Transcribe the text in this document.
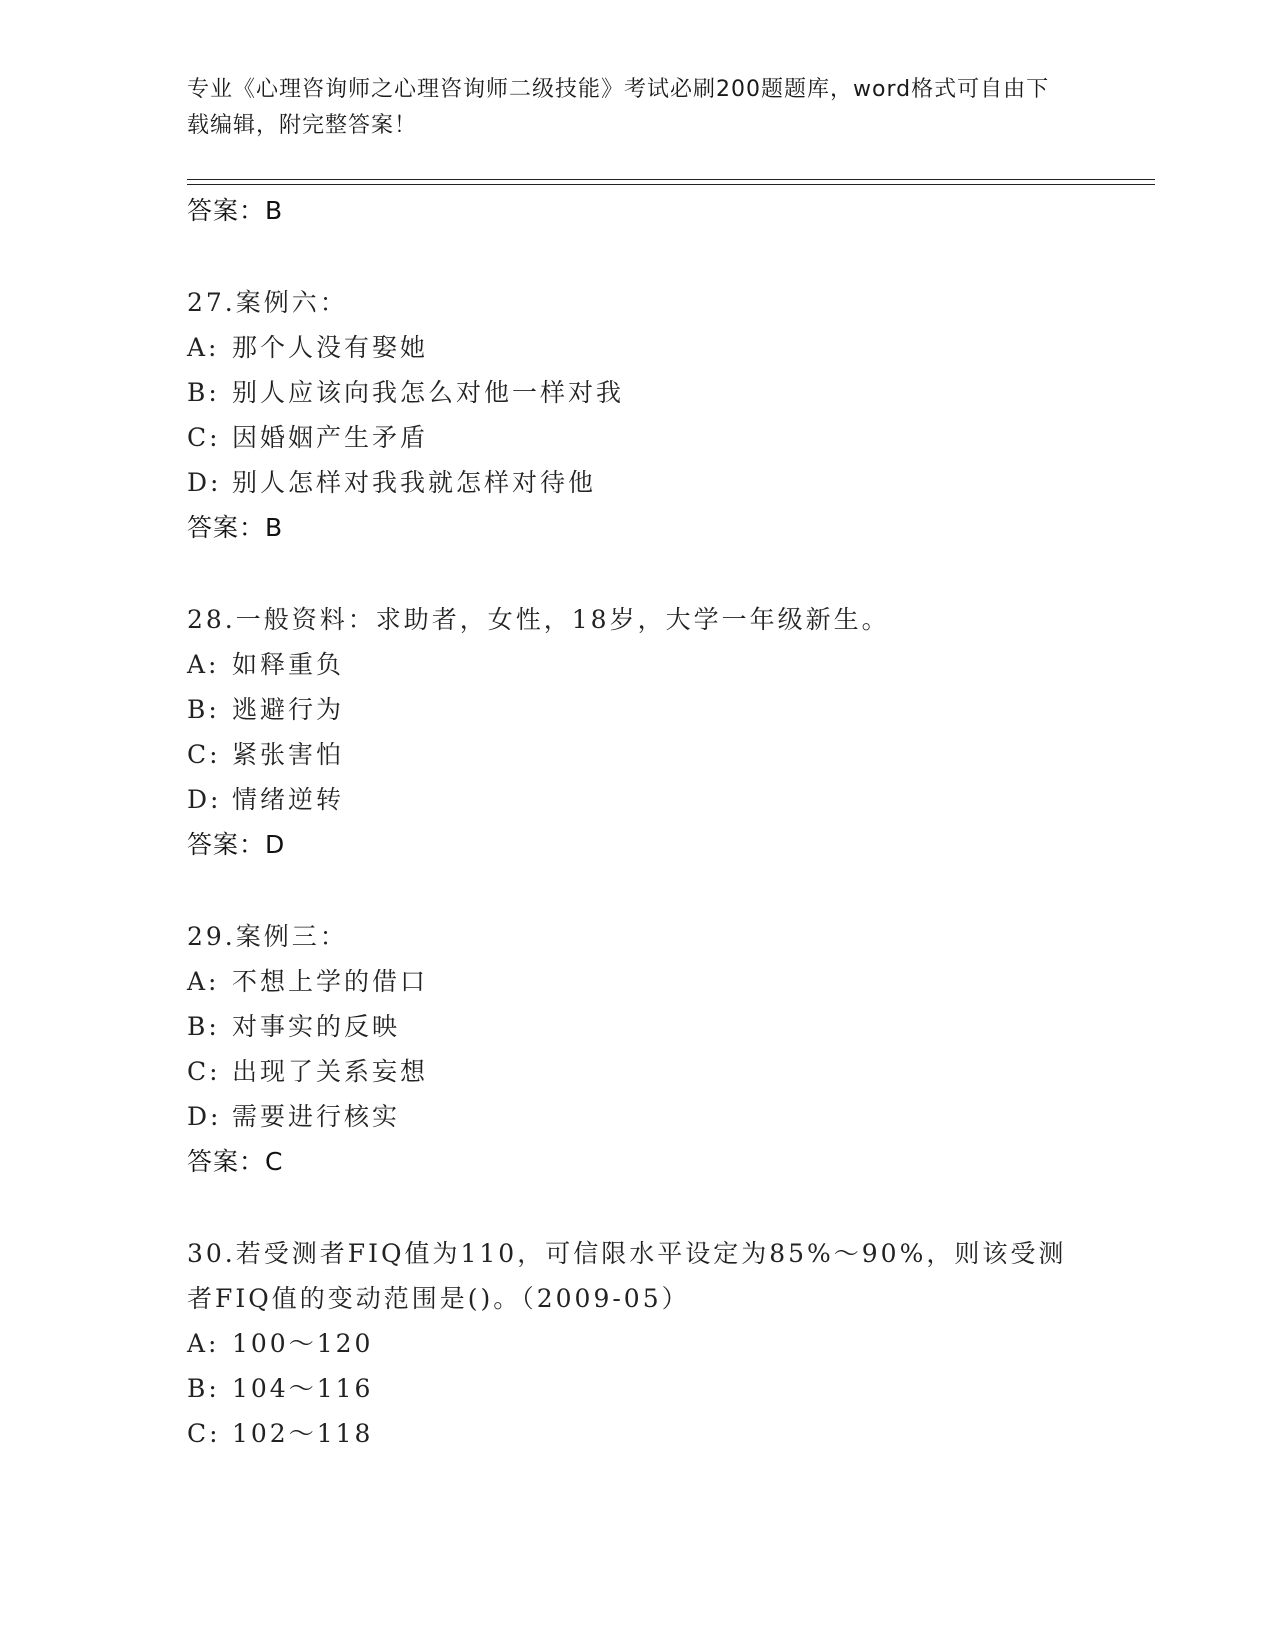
专业《心理咨询师之心理咨询师二级技能》考试必刷200题题库，word格式可自由下载编辑，附完整答案！
答案：B
27.案例六：
A: 那个人没有娶她
B: 别人应该向我怎么对他一样对我
C: 因婚姻产生矛盾
D: 别人怎样对我我就怎样对待他
答案：B
28.一般资料：求助者，女性，18岁，大学一年级新生。
A: 如释重负
B: 逃避行为
C: 紧张害怕
D: 情绪逆转
答案：D
29.案例三：
A: 不想上学的借口
B: 对事实的反映
C: 出现了关系妄想
D: 需要进行核实
答案：C
30.若受测者FIQ值为110，可信限水平设定为85%～90%，则该受测者FIQ值的变动范围是()。（2009-05）
A: 100～120
B: 104～116
C: 102～118
